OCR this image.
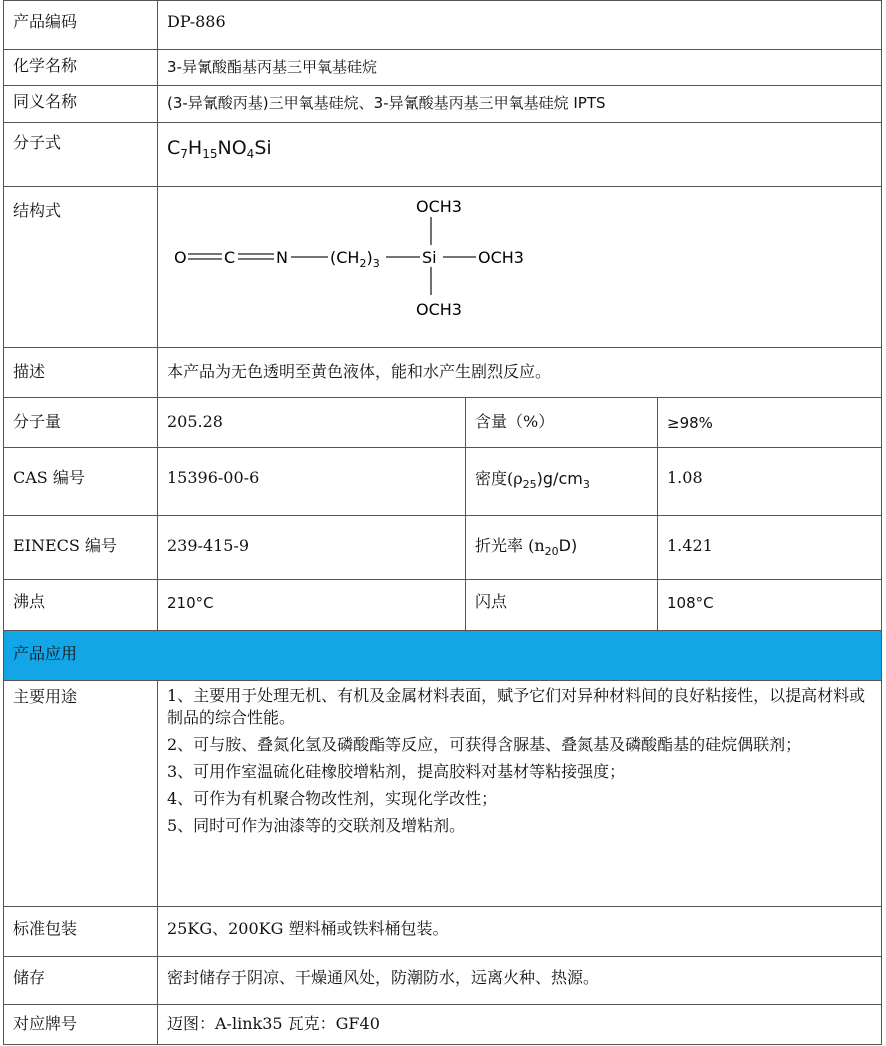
产品编码	DP-886
化学名称	3-异氰酸酯基丙基三甲氧基硅烷
同义名称	(3-异氰酸丙基)三甲氧基硅烷、3-异氰酸基丙基三甲氧基硅烷 IPTS
分子式	$C_7H_{15}NO_4Si$
结构式
O C	N	$(CH_2)_3$	Si	OCH3
OCH3
OCH3
描述	本产品为无色透明至黄色液体，能和水产生剧烈反应。
分子量	205.28	含量（%）	≥98%
CAS 编号	15396-00-6	密度$(\rho_{25})g/cm_3$	1.08
EINECS 编号	239-415-9	折光率 $(n_{20}D)$	1.421
沸点	210°C	闪点	108°C
产品应用
主要用途	1、主要用于处理无机、有机及金属材料表面，赋予它们对异种材料间的良好粘接性，以提高材料或制品的综合性能。
2、可与胺、叠氮化氢及磷酸酯等反应，可获得含脲基、叠氮基及磷酸酯基的硅烷偶联剂；
3、可用作室温硫化硅橡胶增粘剂，提高胶料对基材等粘接强度；
4、可作为有机聚合物改性剂，实现化学改性；
5、同时可作为油漆等的交联剂及增粘剂。
标准包装	25KG、200KG 塑料桶或铁料桶包装。
储存	密封储存于阴凉、干燥通风处，防潮防水，远离火种、热源。
对应牌号	迈图：A-link35 瓦克：GF40
